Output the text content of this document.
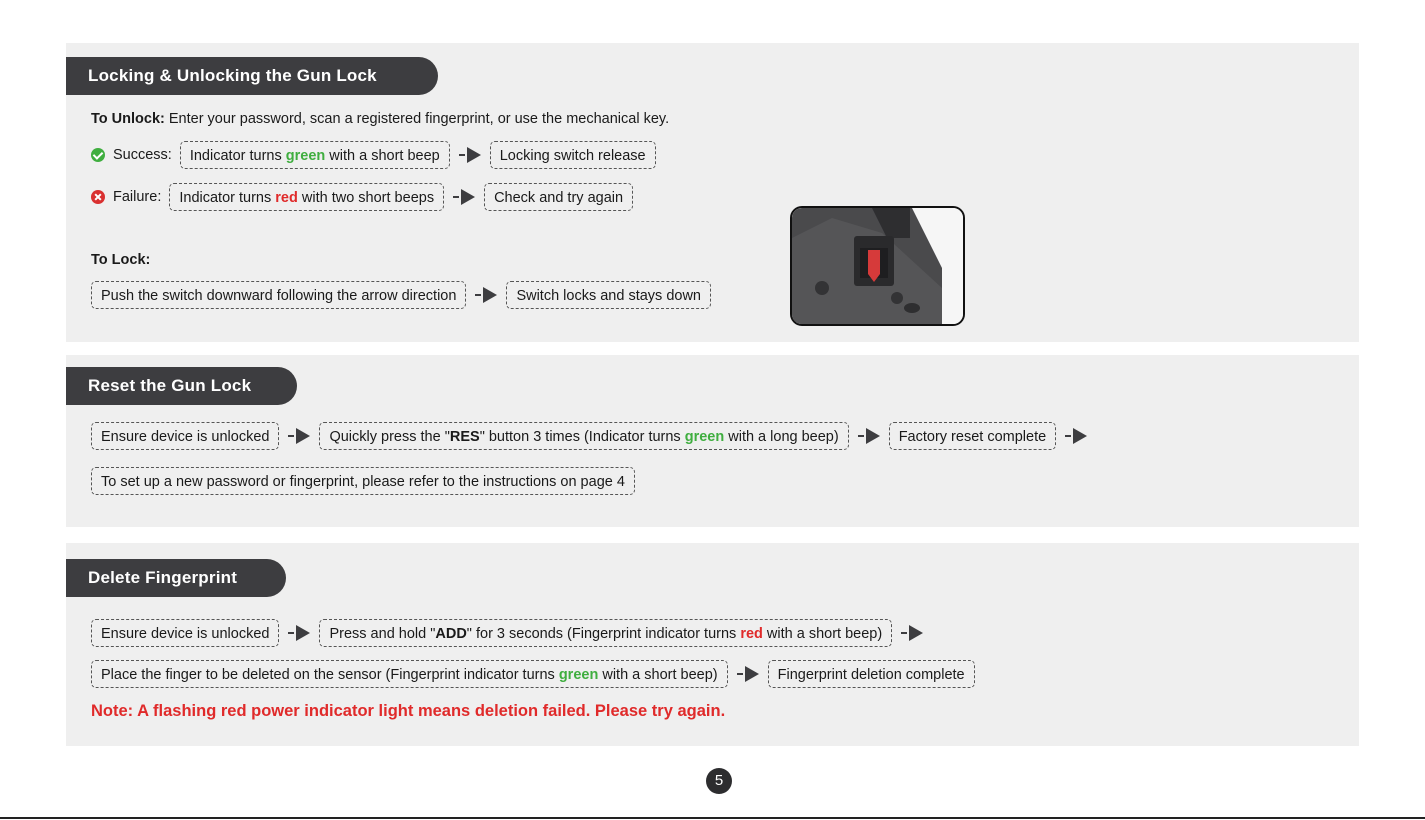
Locking & Unlocking the Gun Lock
To Unlock: Enter your password, scan a registered fingerprint, or use the mechanical key.
Success:	Indicator turns green with a short beep	Locking switch release
Failure:	Indicator turns red with two short beeps	Check and try again
To Lock:
Push the switch downward following the arrow direction	Switch locks and stays down
Reset the Gun Lock
Ensure device is unlocked	Quickly press the "RES" button 3 times (Indicator turns green with a long beep)	Factory reset complete
To set up a new password or fingerprint, please refer to the instructions on page 4
Delete Fingerprint
Ensure device is unlocked	Press and hold "ADD" for 3 seconds (Fingerprint indicator turns red with a short beep)
Place the finger to be deleted on the sensor (Fingerprint indicator turns green with a short beep)	Fingerprint deletion complete
Note: A flashing red power indicator light means deletion failed. Please try again.
5
